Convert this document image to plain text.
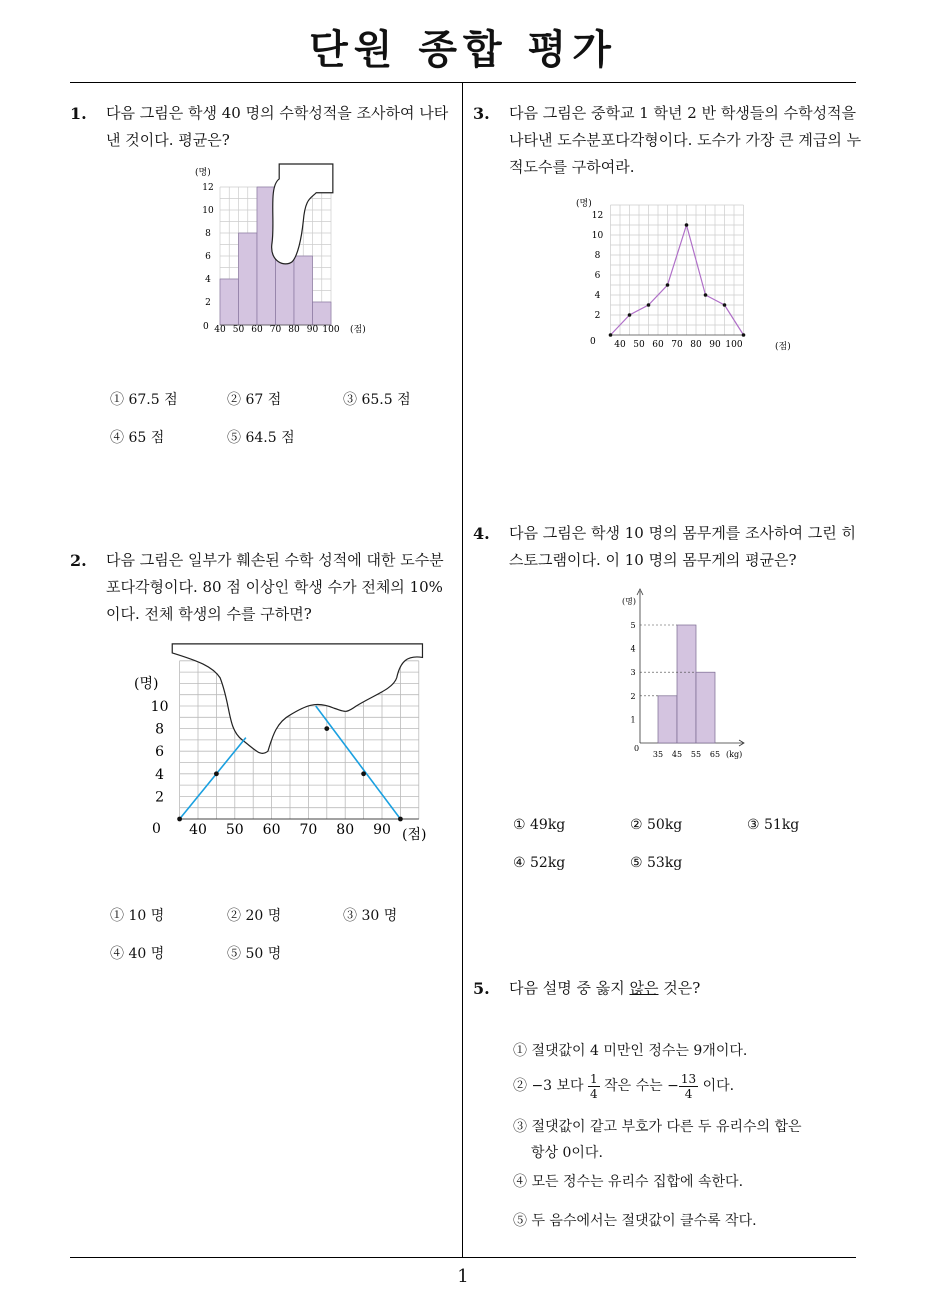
단원 종합 평가
1
1. 다음 그림은 학생 40 명의 수학성적을 조사하여 나타낸 것이다. 평균은?
40 50 60 70 80 90 100
2
4
6
8
10
12
(명)
0	(점)
① 67.5 점	② 67 점	③ 65.5 점
④ 65 점	⑤ 64.5 점
2. 다음 그림은 일부가 훼손된 수학 성적에 대한 도수분포다각형이다. 80 점 이상인 학생 수가 전체의 10% 이다. 전체 학생의 수를 구하면?
40 50 60 70 80 90
2
4
6
8
10
(명)
0	(점)
① 10 명	② 20 명	③ 30 명
④ 40 명	⑤ 50 명
3. 다음 그림은 중학교 1 학년 2 반 학생들의 수학성적을 나타낸 도수분포다각형이다. 도수가 가장 큰 계급의 누적도수를 구하여라.
40 50 60 70 80 90 100
2
4
6
8
10
12
(명)
0	(점)
4. 다음 그림은 학생 10 명의 몸무게를 조사하여 그린 히스토그램이다. 이 10 명의 몸무게의 평균은?
1
2
3
4
5
35 45 55 65
(명)
0
(kg)
① 49kg	② 50kg	③ 51kg
④ 52kg	⑤ 53kg
5. 다음 설명 중 옳지 않은 것은?
① 절댓값이 4 미만인 정수는 9개이다.
② −3 보다 $\frac{1}{4}$ 작은 수는 − $\frac{13}{4}$ 이다.
③ 절댓값이 같고 부호가 다른 두 유리수의 합은
항상 0이다.
④ 모든 정수는 유리수 집합에 속한다.
⑤ 두 음수에서는 절댓값이 클수록 작다.
